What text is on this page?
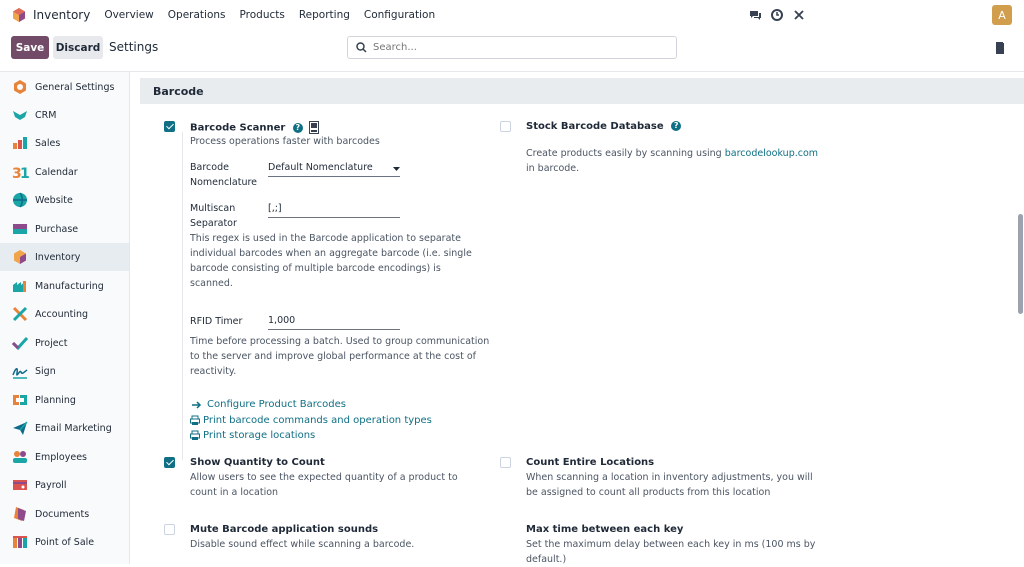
Inventory Overview Operations Products Reporting Configuration	A
Save	Discard Settings
Search...
General Settings
CRM
Sales
3
1 Calendar
Website
Purchase
Inventory
Manufacturing
Accounting
Project
Sign
Planning
Email Marketing
Employees
Payroll
Documents
Point of Sale
Barcode
Barcode Scanner ?
Process operations faster with barcodes
Barcode
Nomenclature
Default Nomenclature
Multiscan
Separator
[,;]
This regex is used in the Barcode application to separate individual barcodes when an aggregate barcode (i.e. single barcode consisting of multiple barcode encodings) is scanned.
RFID Timer	1,000
Time before processing a batch. Used to group communication to the server and improve global performance at the cost of reactivity.
Configure Product Barcodes
Print barcode commands and operation types
Print storage locations
Stock Barcode Database ?
Create products easily by scanning using barcodelookup.com
in barcode.
Show Quantity to Count
Allow users to see the expected quantity of a product to count in a location
Count Entire Locations
When scanning a location in inventory adjustments, you will be assigned to count all products from this location
Mute Barcode application sounds
Disable sound effect while scanning a barcode.
Max time between each key
Set the maximum delay between each key in ms (100 ms by default.)
